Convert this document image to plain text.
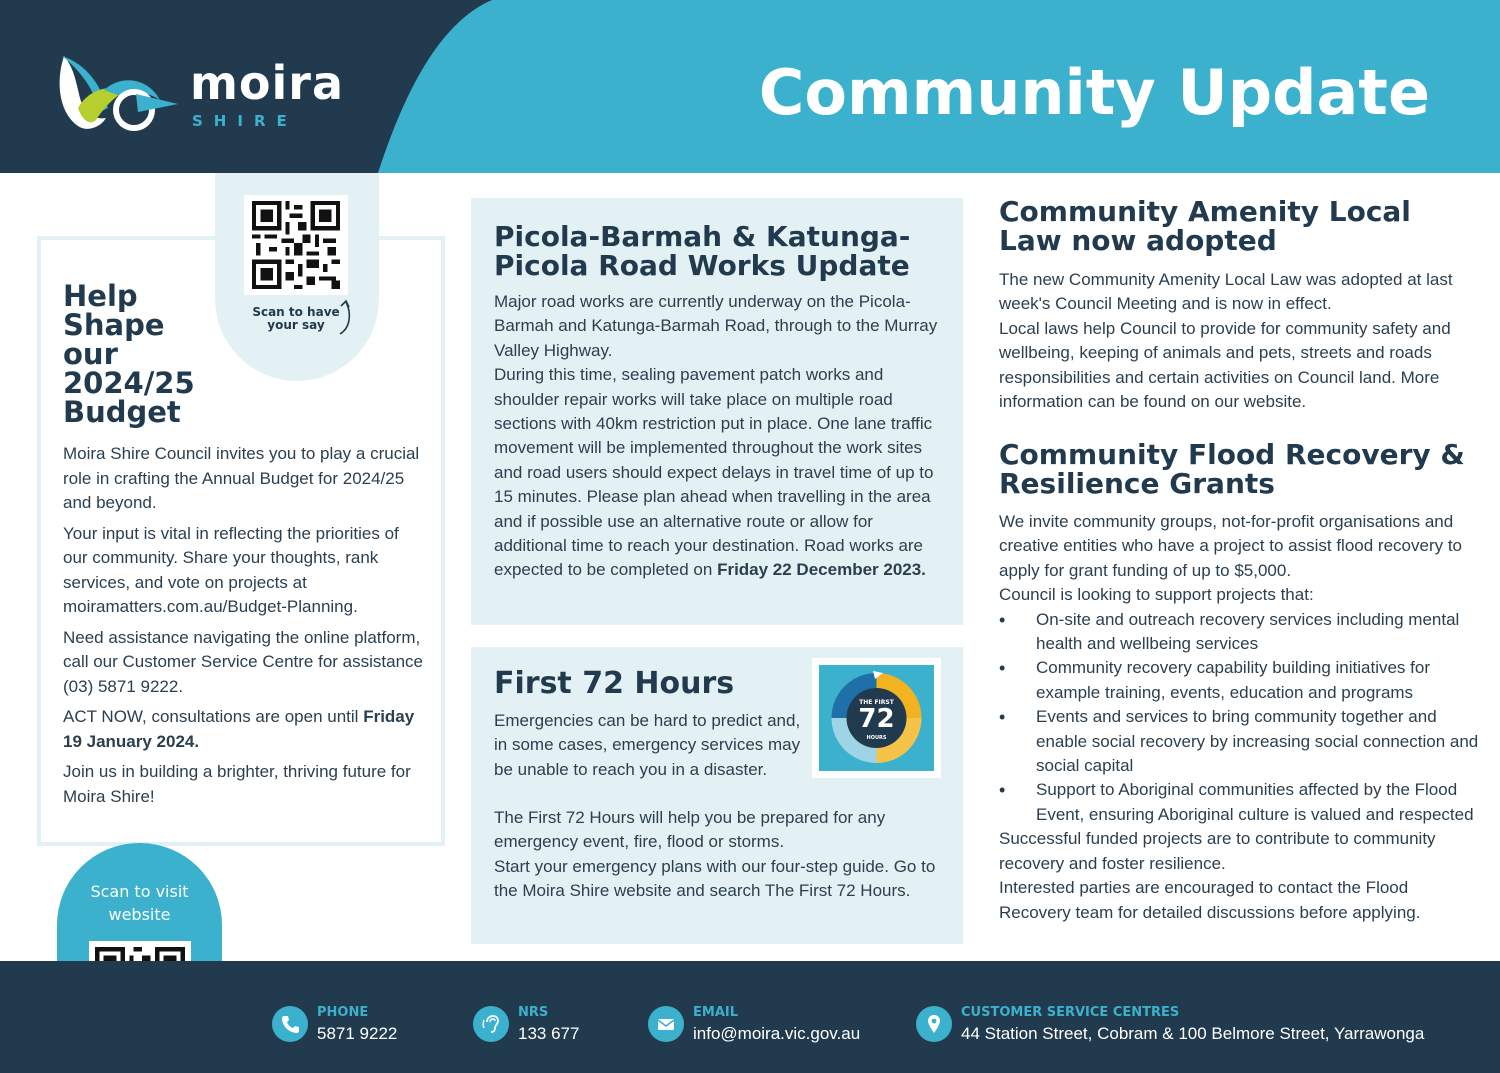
moira
SHIRE	Community Update
Scan to have your say
Help Shape our 2024/25 Budget

Moira Shire Council invites you to play a crucial role in crafting the Annual Budget for 2024/25 and beyond.

Your input is vital in reflecting the priorities of our community. Share your thoughts, rank services, and vote on projects at moiramatters.com.au/Budget-Planning.

Need assistance navigating the online platform, call our Customer Service Centre for assistance (03) 5871 9222.

ACT NOW, consultations are open until Friday 19 January 2024.

Join us in building a brighter, thriving future for Moira Shire!

Scan to visit website
Picola-Barmah & Katunga-Picola Road Works Update

Major road works are currently underway on the Picola-Barmah and Katunga-Barmah Road, through to the Murray Valley Highway.

During this time, sealing pavement patch works and shoulder repair works will take place on multiple road sections with 40km restriction put in place. One lane traffic movement will be implemented throughout the work sites and road users should expect delays in travel time of up to 15 minutes. Please plan ahead when travelling in the area and if possible use an alternative route or allow for additional time to reach your destination. Road works are expected to be completed on Friday 22 December 2023.

First 72 Hours
THE FIRST
72
HOURS
Emergencies can be hard to predict and, in some cases, emergency services may be unable to reach you in a disaster.

The First 72 Hours will help you be prepared for any emergency event, fire, flood or storms.

Start your emergency plans with our four-step guide. Go to the Moira Shire website and search The First 72 Hours.

Community Amenity Local Law now adopted

The new Community Amenity Local Law was adopted at last week's Council Meeting and is now in effect.

Local laws help Council to provide for community safety and wellbeing, keeping of animals and pets, streets and roads responsibilities and certain activities on Council land. More information can be found on our website.

Community Flood Recovery & Resilience Grants

We invite community groups, not-for-profit organisations and creative entities who have a project to assist flood recovery to apply for grant funding of up to $5,000.

Council is looking to support projects that:

• On-site and outreach recovery services including mental health and wellbeing services
• Community recovery capability building initiatives for example training, events, education and programs
• Events and services to bring community together and enable social recovery by increasing social connection and social capital
• Support to Aboriginal communities affected by the Flood Event, ensuring Aboriginal culture is valued and respected

Successful funded projects are to contribute to community recovery and foster resilience.

Interested parties are encouraged to contact the Flood Recovery team for detailed discussions before applying.

PHONE
5871 9222
NRS
133 677
EMAIL
info@moira.vic.gov.au
CUSTOMER SERVICE CENTRES
44 Station Street, Cobram & 100 Belmore Street, Yarrawonga
